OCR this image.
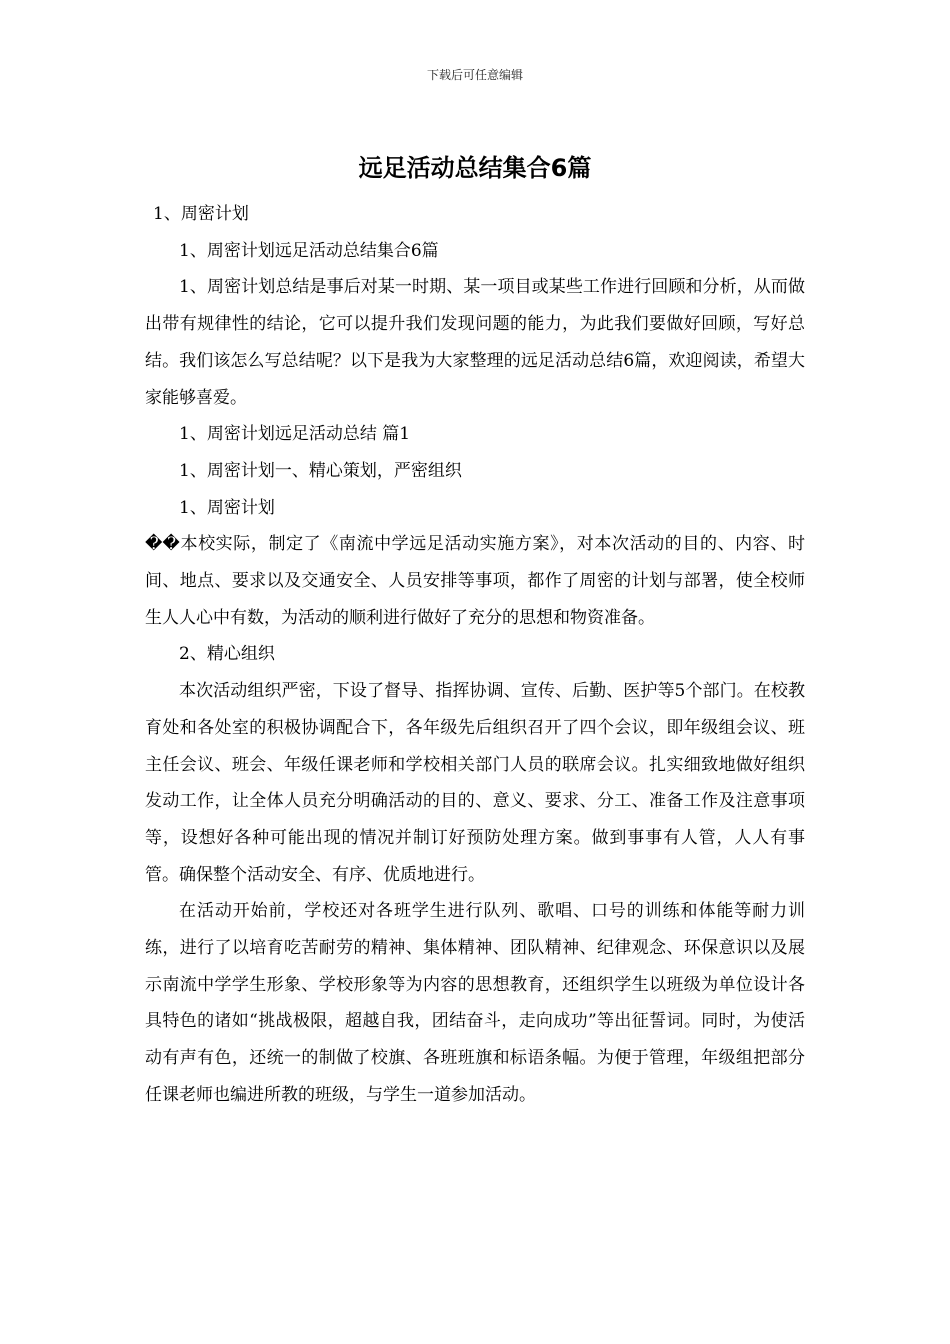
下载后可任意编辑
远足活动总结集合6篇

1、周密计划

1、周密计划远足活动总结集合6篇

1、周密计划总结是事后对某一时期、某一项目或某些工作进行回顾和分析，从而做出带有规律性的结论，它可以提升我们发现问题的能力，为此我们要做好回顾，写好总结。我们该怎么写总结呢？以下是我为大家整理的远足活动总结6篇，欢迎阅读，希望大家能够喜爱。

1、周密计划远足活动总结 篇1

1、周密计划一、精心策划，严密组织

1、周密计划

��本校实际，制定了《南流中学远足活动实施方案》，对本次活动的目的、内容、时间、地点、要求以及交通安全、人员安排等事项，都作了周密的计划与部署，使全校师生人人心中有数，为活动的顺利进行做好了充分的思想和物资准备。

2、精心组织

本次活动组织严密，下设了督导、指挥协调、宣传、后勤、医护等5个部门。在校教育处和各处室的积极协调配合下，各年级先后组织召开了四个会议，即年级组会议、班主任会议、班会、年级任课老师和学校相关部门人员的联席会议。扎实细致地做好组织发动工作，让全体人员充分明确活动的目的、意义、要求、分工、准备工作及注意事项等，设想好各种可能出现的情况并制订好预防处理方案。做到事事有人管，人人有事管。确保整个活动安全、有序、优质地进行。

在活动开始前，学校还对各班学生进行队列、歌唱、口号的训练和体能等耐力训练，进行了以培育吃苦耐劳的精神、集体精神、团队精神、纪律观念、环保意识以及展示南流中学学生形象、学校形象等为内容的思想教育，还组织学生以班级为单位设计各具特色的诸如“挑战极限，超越自我，团结奋斗，走向成功”等出征誓词。同时，为使活动有声有色，还统一的制做了校旗、各班班旗和标语条幅。为便于管理，年级组把部分任课老师也编进所教的班级，与学生一道参加活动。
